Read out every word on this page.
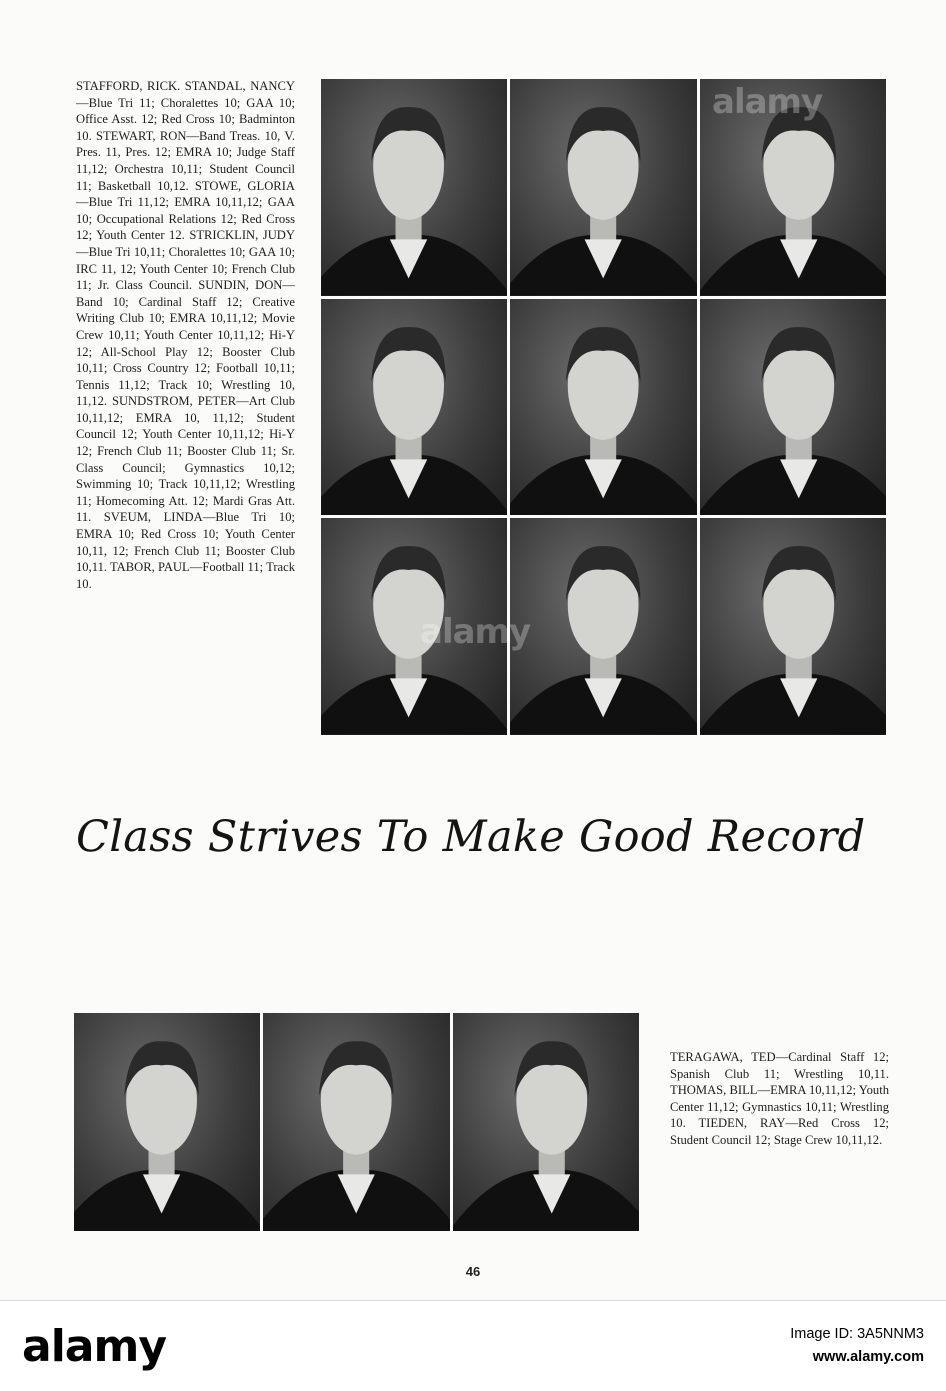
STAFFORD, RICK. STANDAL, NANCY—Blue Tri 11; Choralettes 10; GAA 10; Office Asst. 12; Red Cross 10; Badminton 10. STEWART, RON—Band Treas. 10, V. Pres. 11, Pres. 12; EMRA 10; Judge Staff 11,12; Orchestra 10,11; Student Council 11; Basketball 10,12. STOWE, GLORIA—Blue Tri 11,12; EMRA 10,11,12; GAA 10; Occupational Relations 12; Red Cross 12; Youth Center 12. STRICKLIN, JUDY—Blue Tri 10,11; Choralettes 10; GAA 10; IRC 11, 12; Youth Center 10; French Club 11; Jr. Class Council. SUNDIN, DON—Band 10; Cardinal Staff 12; Creative Writing Club 10; EMRA 10,11,12; Movie Crew 10,11; Youth Center 10,11,12; Hi-Y 12; All-School Play 12; Booster Club 10,11; Cross Country 12; Football 10,11; Tennis 11,12; Track 10; Wrestling 10, 11,12. SUNDSTROM, PETER—Art Club 10,11,12; EMRA 10, 11,12; Student Council 12; Youth Center 10,11,12; Hi-Y 12; French Club 11; Booster Club 11; Sr. Class Council; Gymnastics 10,12; Swimming 10; Track 10,11,12; Wrestling 11; Homecoming Att. 12; Mardi Gras Att. 11. SVEUM, LINDA—Blue Tri 10; EMRA 10; Red Cross 10; Youth Center 10,11, 12; French Club 11; Booster Club 10,11. TABOR, PAUL—Football 11; Track 10.
alamy
alamy
Class Strives To Make Good Record
TERAGAWA, TED—Cardinal Staff 12; Spanish Club 11; Wrestling 10,11. THOMAS, BILL—EMRA 10,11,12; Youth Center 11,12; Gymnastics 10,11; Wrestling 10. TIEDEN, RAY—Red Cross 12; Student Council 12; Stage Crew 10,11,12.
46
alamy	Image ID: 3A5NNM3
www.alamy.com
